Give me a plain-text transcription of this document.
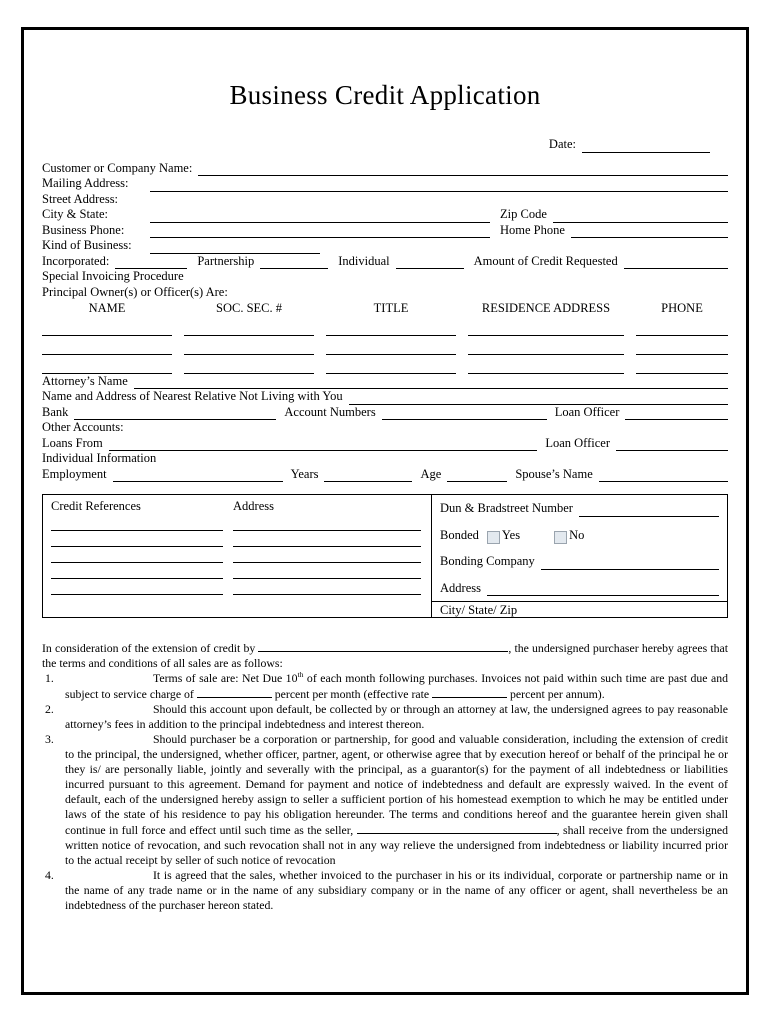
Business Credit Application
Date:
Customer or Company Name:
Mailing Address:
Street Address:
City & State:	Zip Code
Business Phone:	Home Phone
Kind of Business:
Incorporated:	Partnership	Individual	Amount of Credit Requested
Special Invoicing Procedure
Principal Owner(s) or Officer(s) Are:
NAME	SOC. SEC. #	TITLE	RESIDENCE ADDRESS	PHONE
Attorney’s Name
Name and Address of Nearest Relative Not Living with You
Bank	Account Numbers	Loan Officer
Other Accounts:
Loans From	Loan Officer
Individual Information
Employment	Years	Age	Spouse’s Name
Credit References	Address	Dun & Bradstreet Number
Bonded Yes	No
Bonding Company
Address
City/ State/ Zip

In consideration of the extension of credit by	, the undersigned purchaser hereby agrees that the terms and conditions of all sales are as follows:

1.	Terms of sale are: Net Due 10th of each month following purchases. Invoices not paid within such time are past due and subject to service charge of	percent per month (effective rate	percent per annum).

2.	Should this account upon default, be collected by or through an attorney at law, the undersigned agrees to pay reasonable attorney’s fees in addition to the principal indebtedness and interest thereon.

3.	Should purchaser be a corporation or partnership, for good and valuable consideration, including the extension of credit to the principal, the undersigned, whether officer, partner, agent, or otherwise agree that by execution hereof or behalf of the principal he or they is/ are personally liable, jointly and severally with the principal, as a guarantor(s) for the payment of all indebtedness or liabilities incurred pursuant to this agreement. Demand for payment and notice of indebtedness and default are expressly waived. In the event of default, each of the undersigned hereby assign to seller a sufficient portion of his homestead exemption to which he may be entitled under laws of the state of his residence to pay his obligation hereunder. The terms and conditions hereof and the guarantee herein given shall continue in full force and effect until such time as the seller,	, shall receive from the undersigned written notice of revocation, and such revocation shall not in any way relieve the undersigned from indebtedness or liability incurred prior to the actual receipt by seller of such notice of revocation

4.	It is agreed that the sales, whether invoiced to the purchaser in his or its individual, corporate or partnership name or in the name of any trade name or in the name of any subsidiary company or in the name of any officer or agent, shall nevertheless be an indebtedness of the purchaser hereon stated.
